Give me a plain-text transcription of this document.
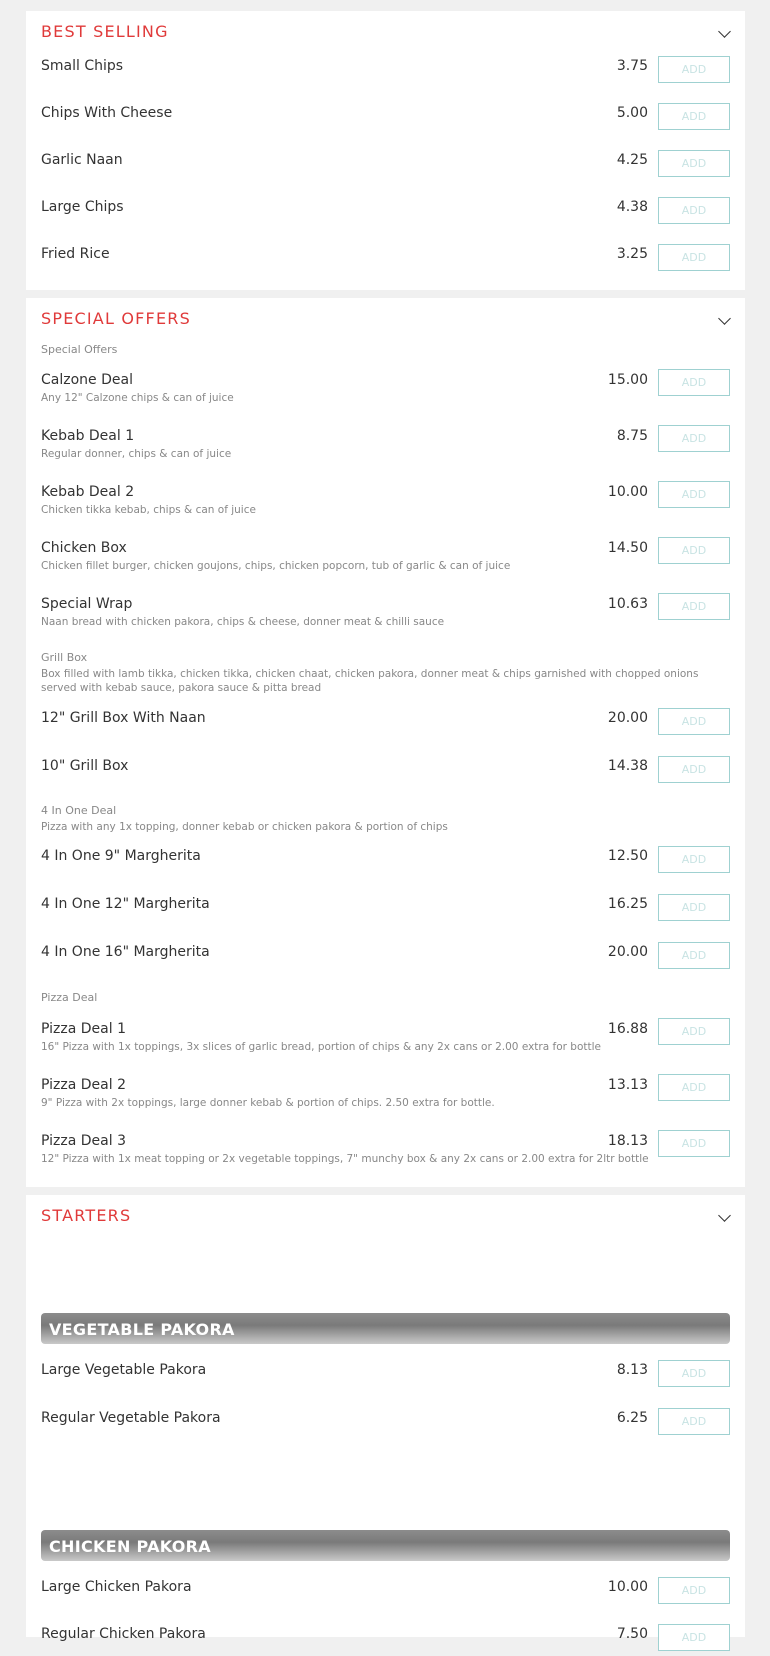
BEST SELLING
Small Chips	3.75	ADD
Chips With Cheese	5.00	ADD
Garlic Naan	4.25	ADD
Large Chips	4.38	ADD
Fried Rice	3.25	ADD
SPECIAL OFFERS
Special Offers
Calzone Deal
Any 12" Calzone chips & can of juice
15.00	ADD
Kebab Deal 1
Regular donner, chips & can of juice
8.75	ADD
Kebab Deal 2
Chicken tikka kebab, chips & can of juice
10.00	ADD
Chicken Box
Chicken fillet burger, chicken goujons, chips, chicken popcorn, tub of garlic & can of juice
14.50	ADD
Special Wrap
Naan bread with chicken pakora, chips & cheese, donner meat & chilli sauce
10.63	ADD
Grill Box
Box filled with lamb tikka, chicken tikka, chicken chaat, chicken pakora, donner meat & chips garnished with chopped onions served with kebab sauce, pakora sauce & pitta bread
12" Grill Box With Naan	20.00	ADD
10" Grill Box	14.38	ADD
4 In One Deal
Pizza with any 1x topping, donner kebab or chicken pakora & portion of chips
4 In One 9" Margherita	12.50	ADD
4 In One 12" Margherita	16.25	ADD
4 In One 16" Margherita	20.00	ADD
Pizza Deal
Pizza Deal 1
16" Pizza with 1x toppings, 3x slices of garlic bread, portion of chips & any 2x cans or 2.00 extra for bottle
16.88	ADD
Pizza Deal 2
9" Pizza with 2x toppings, large donner kebab & portion of chips. 2.50 extra for bottle.
13.13	ADD
Pizza Deal 3
12" Pizza with 1x meat topping or 2x vegetable toppings, 7" munchy box & any 2x cans or 2.00 extra for 2ltr bottle
18.13	ADD
STARTERS
VEGETABLE PAKORA
Large Vegetable Pakora	8.13	ADD
Regular Vegetable Pakora	6.25	ADD
CHICKEN PAKORA
Large Chicken Pakora	10.00	ADD
Regular Chicken Pakora	7.50	ADD
